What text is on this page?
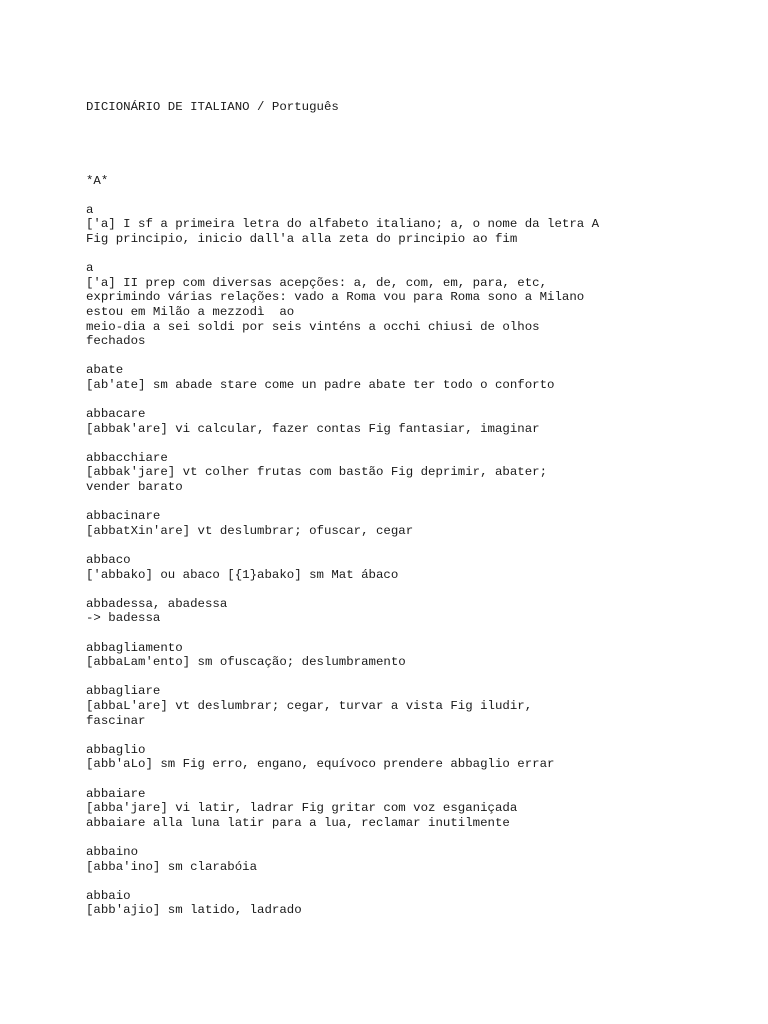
DICIONÁRIO DE ITALIANO / Português
*A*
a
['a] I sf a primeira letra do alfabeto italiano; a, o nome da letra A
Fig principio, inicio dall'a alla zeta do principio ao fim
a
['a] II prep com diversas acepções: a, de, com, em, para, etc,
exprimindo várias relações: vado a Roma vou para Roma sono a Milano
estou em Milão a mezzodì  ao
meio-dia a sei soldi por seis vinténs a occhi chiusi de olhos
fechados
abate
[ab'ate] sm abade stare come un padre abate ter todo o conforto
abbacare
[abbak'are] vi calcular, fazer contas Fig fantasiar, imaginar
abbacchiare
[abbak'jare] vt colher frutas com bastão Fig deprimir, abater;
vender barato
abbacinare
[abbatXin'are] vt deslumbrar; ofuscar, cegar
abbaco
['abbako] ou abaco [{1}abako] sm Mat ábaco
abbadessa, abadessa
-> badessa
abbagliamento
[abbaLam'ento] sm ofuscação; deslumbramento
abbagliare
[abbaL'are] vt deslumbrar; cegar, turvar a vista Fig iludir,
fascinar
abbaglio
[abb'aLo] sm Fig erro, engano, equívoco prendere abbaglio errar
abbaiare
[abba'jare] vi latir, ladrar Fig gritar com voz esganiçada
abbaiare alla luna latir para a lua, reclamar inutilmente
abbaino
[abba'ino] sm clarabóia
abbaio
[abb'ajio] sm latido, ladrado
